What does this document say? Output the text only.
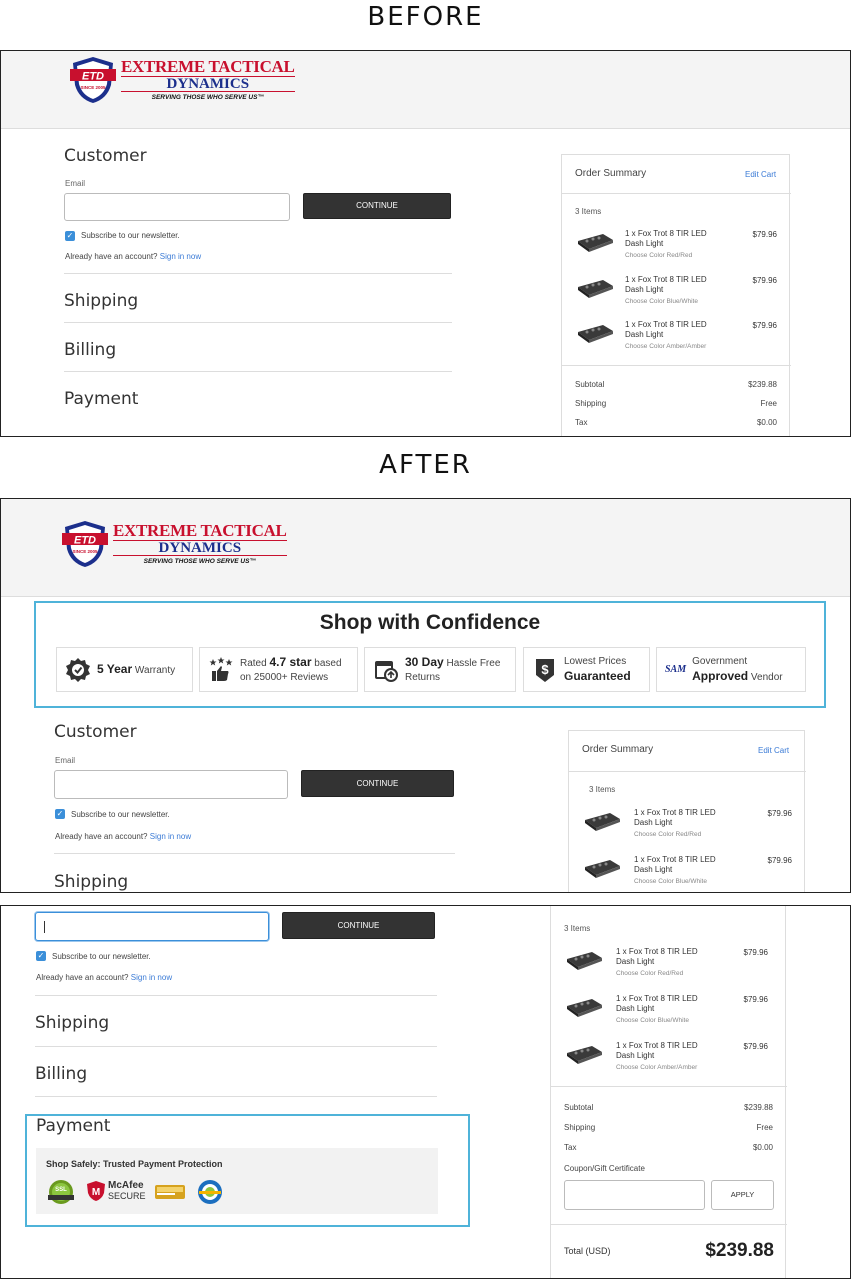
BEFORE
ETD
SINCE 2005
EXTREME TACTICAL
DYNAMICS
SERVING THOSE WHO SERVE US™
Customer
Email
CONTINUE
✓ Subscribe to our newsletter.
Already have an account? Sign in now
Shipping
Billing
Payment
Order Summary	Edit Cart
3 Items
1 x Fox Trot 8 TIR LED Dash Light
Choose Color Red/Red
$79.96
1 x Fox Trot 8 TIR LED Dash Light
Choose Color Blue/White
$79.96
1 x Fox Trot 8 TIR LED Dash Light
Choose Color Amber/Amber
$79.96
Subtotal	$239.88
Shipping	Free
Tax	$0.00
AFTER
ETD
SINCE 2005
EXTREME TACTICAL
DYNAMICS
SERVING THOSE WHO SERVE US™
Shop with Confidence
5 Year Warranty
Rated 4.7 star based
on 25000+ Reviews
30 Day Hassle Free
Returns
$
Lowest Prices
Guaranteed	SAM
Government
Approved Vendor
Customer
Email
CONTINUE
✓ Subscribe to our newsletter.
Already have an account? Sign in now
Shipping
Order Summary	Edit Cart
3 Items
1 x Fox Trot 8 TIR LED Dash Light
Choose Color Red/Red
$79.96
1 x Fox Trot 8 TIR LED Dash Light
Choose Color Blue/White
$79.96
CONTINUE
✓ Subscribe to our newsletter.
Already have an account? Sign in now
Shipping
Billing
Payment
Shop Safely: Trusted Payment Protection
SSL M
McAfee
SECURE
3 Items
1 x Fox Trot 8 TIR LED Dash Light
Choose Color Red/Red
$79.96
1 x Fox Trot 8 TIR LED Dash Light
Choose Color Blue/White
$79.96
1 x Fox Trot 8 TIR LED Dash Light
Choose Color Amber/Amber
$79.96
Subtotal	$239.88
Shipping	Free
Tax	$0.00
Coupon/Gift Certificate
APPLY
Total (USD)	$239.88
